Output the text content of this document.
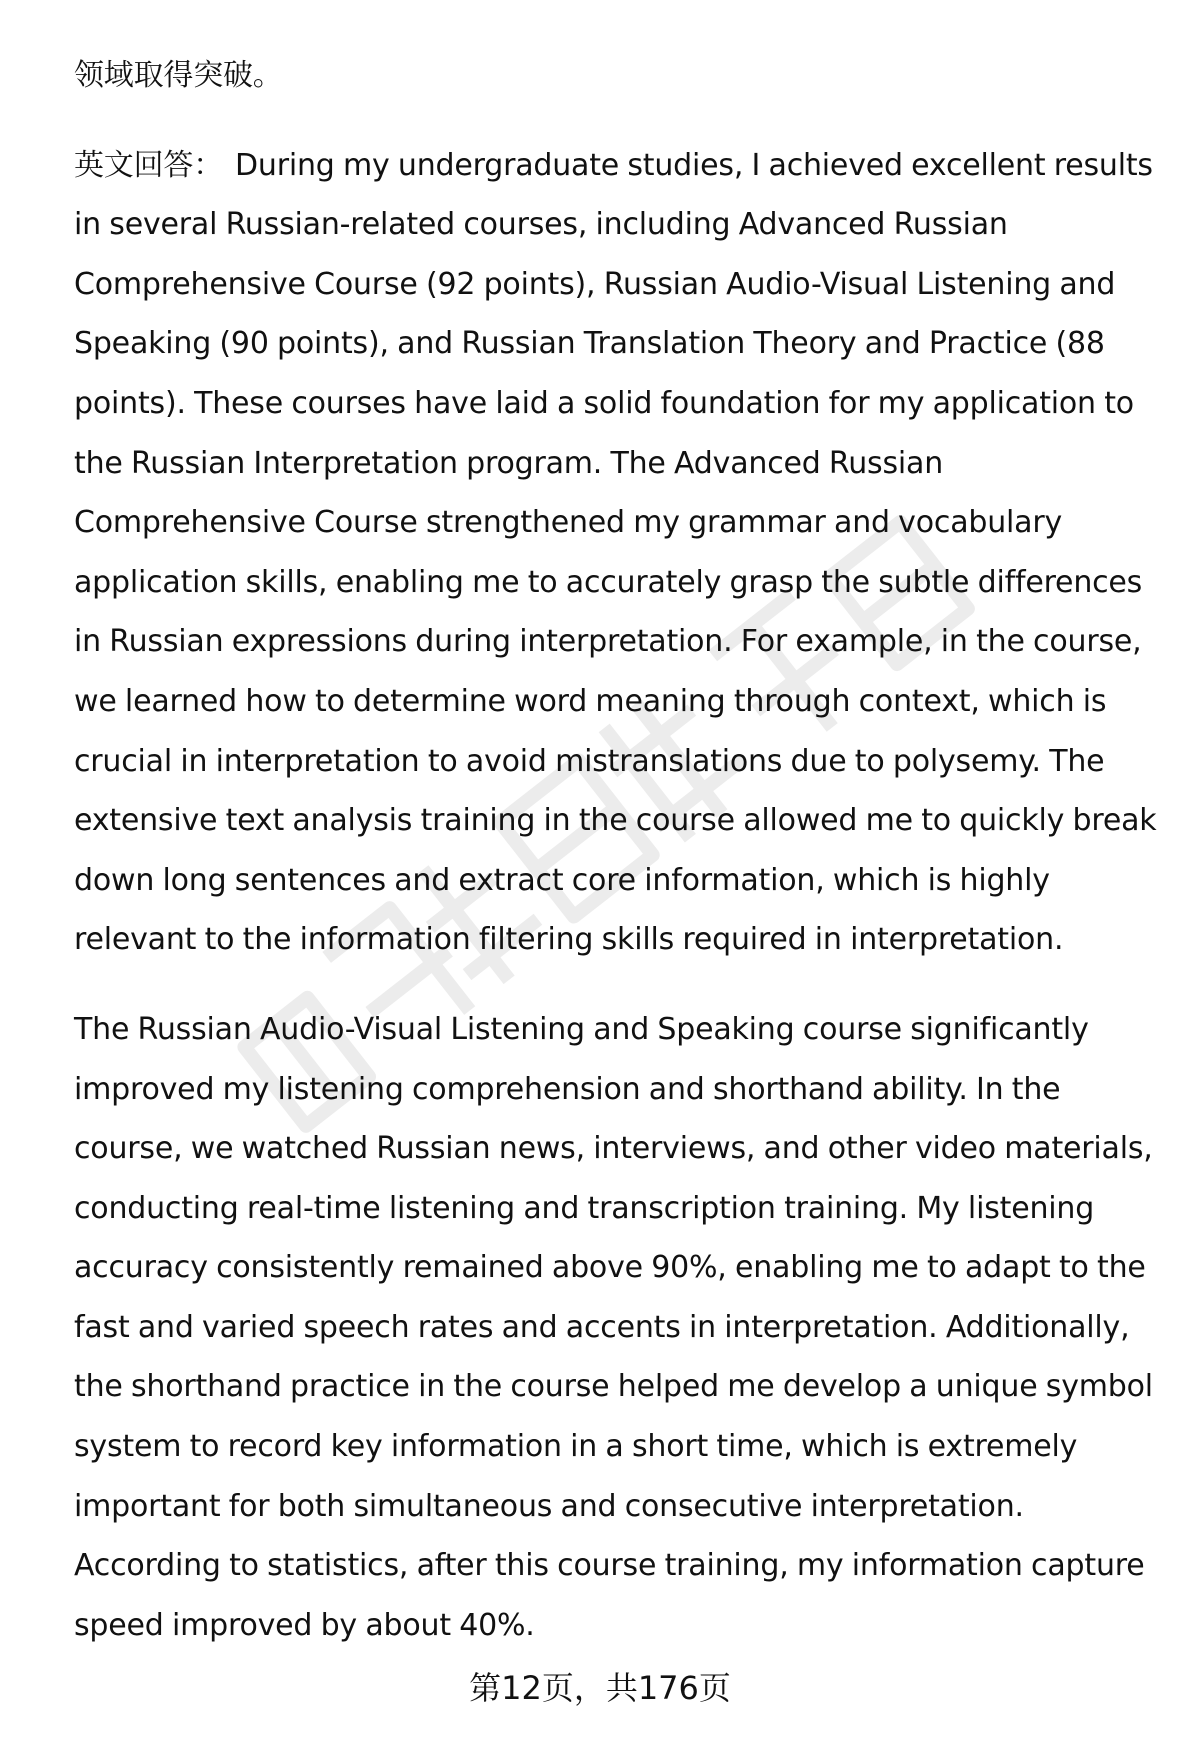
领域取得突破。

英文回答： During my undergraduate studies, I achieved excellent results in several Russian-related courses, including Advanced Russian Comprehensive Course (92 points), Russian Audio-Visual Listening and Speaking (90 points), and Russian Translation Theory and Practice (88 points). These courses have laid a solid foundation for my application to the Russian Interpretation program. The Advanced Russian Comprehensive Course strengthened my grammar and vocabulary application skills, enabling me to accurately grasp the subtle differences in Russian expressions during interpretation. For example, in the course, we learned how to determine word meaning through context, which is crucial in interpretation to avoid mistranslations due to polysemy. The extensive text analysis training in the course allowed me to quickly break down long sentences and extract core information, which is highly relevant to the information filtering skills required in interpretation.

The Russian Audio-Visual Listening and Speaking course significantly improved my listening comprehension and shorthand ability. In the course, we watched Russian news, interviews, and other video materials, conducting real-time listening and transcription training. My listening accuracy consistently remained above 90%, enabling me to adapt to the fast and varied speech rates and accents in interpretation. Additionally, the shorthand practice in the course helped me develop a unique symbol system to record key information in a short time, which is extremely important for both simultaneous and consecutive interpretation. According to statistics, after this course training, my information capture speed improved by about 40%.

第12页，共176页
